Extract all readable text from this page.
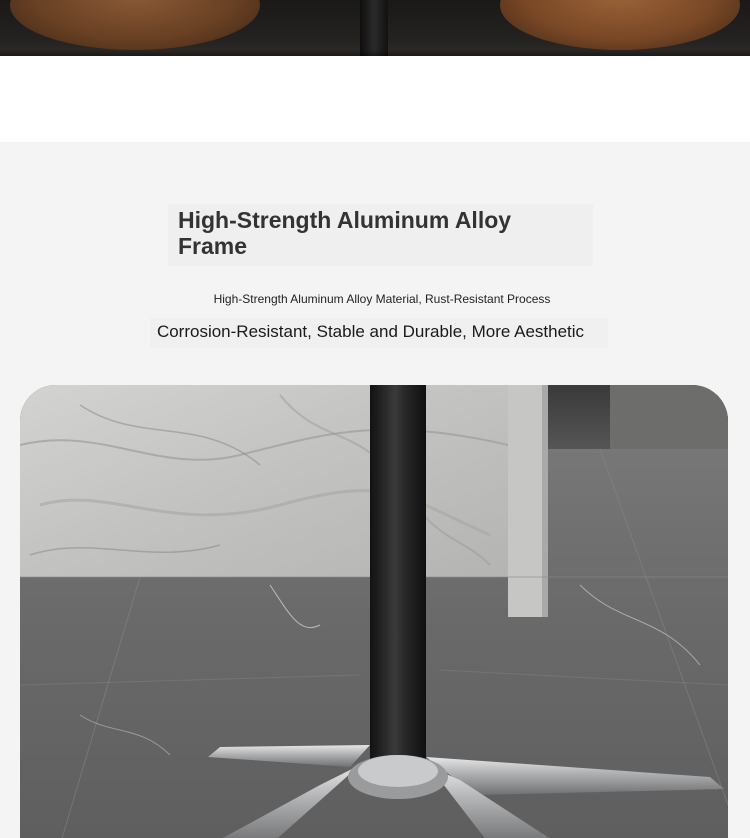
High-Strength Aluminum Alloy Frame

High-Strength Aluminum Alloy Material, Rust-Resistant Process

Corrosion-Resistant, Stable and Durable, More Aesthetic
